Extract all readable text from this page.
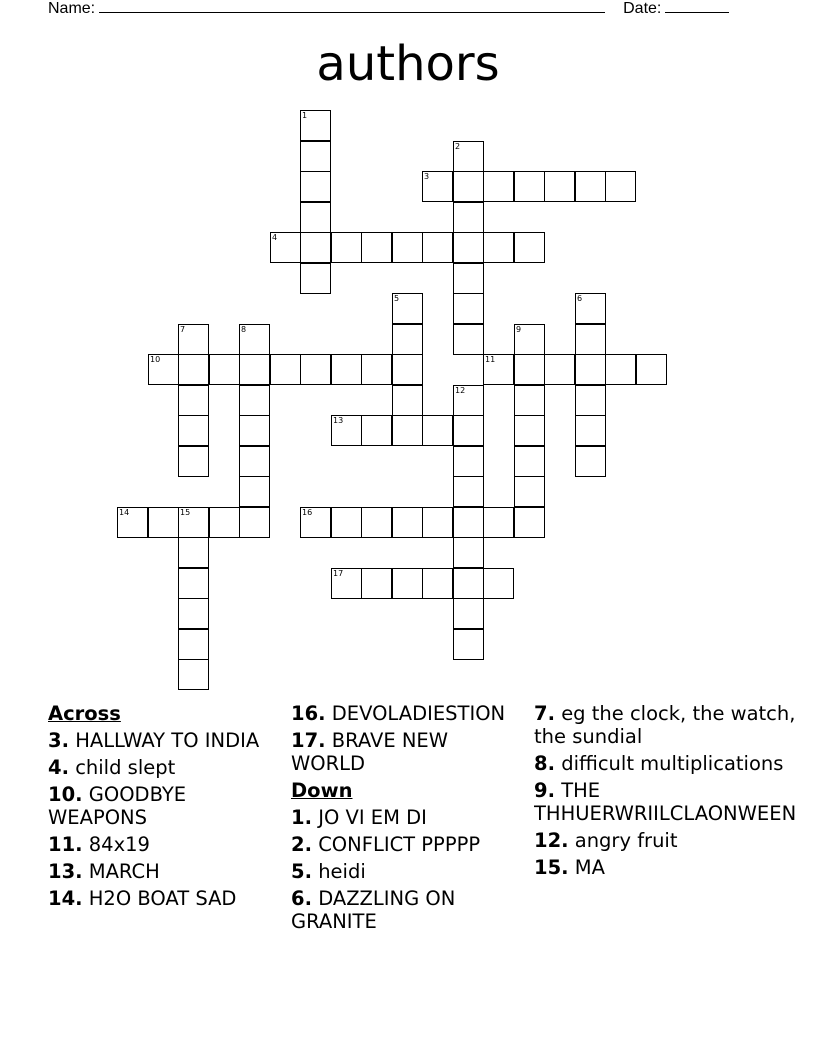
Name:	Date:
authors
1
2
3
4
5	6
7	8	9
10	11
12
13
14	15	16
17
Across
3. HALLWAY TO INDIA
4. child slept
10. GOODBYE WEAPONS
11. 84x19
13. MARCH
14. H2O BOAT SAD
16. DEVOLADIESTION
17. BRAVE NEW WORLD
Down
1. JO VI EM DI
2. CONFLICT PPPPP
5. heidi
6. DAZZLING ON GRANITE
7. eg the clock, the watch, the sundial
8. difficult multiplications
9. THE THHUERWRIILCLAONWEEN
12. angry fruit
15. MA
